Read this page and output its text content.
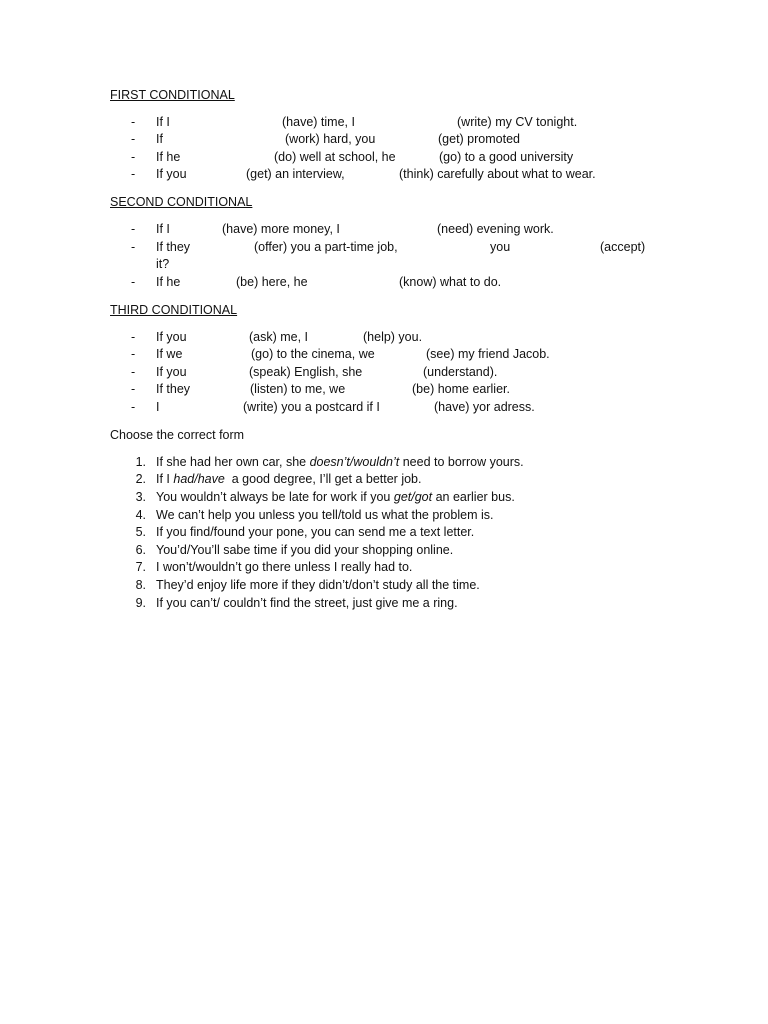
FIRST CONDITIONAL
- If I	(have) time, I	(write) my CV tonight.
- If	(work) hard, you	(get) promoted
- If he	(do) well at school, he	(go) to a good university
- If you	(get) an interview,	(think) carefully about what to wear.
SECOND CONDITIONAL
- If I	(have) more money, I	(need) evening work.
- If they	(offer) you a part-time job,	you	(accept)
it?
- If he	(be) here, he	(know) what to do.
THIRD CONDITIONAL
- If you	(ask) me, I	(help) you.
- If we	(go) to the cinema, we	(see) my friend Jacob.
- If you	(speak) English, she	(understand).
- If they	(listen) to me, we	(be) home earlier.
- I	(write) you a postcard if I	(have) yor adress.
Choose the correct form
1. If she had her own car, she doesn’t/wouldn’t need to borrow yours.
2. If I had/have  a good degree, I’ll get a better job.
3. You wouldn’t always be late for work if you get/got an earlier bus.
4. We can’t help you unless you tell/told us what the problem is.
5. If you find/found your pone, you can send me a text letter.
6. You’d/You’ll sabe time if you did your shopping online.
7. I won’t/wouldn’t go there unless I really had to.
8. They’d enjoy life more if they didn’t/don’t study all the time.
9. If you can’t/ couldn’t find the street, just give me a ring.
